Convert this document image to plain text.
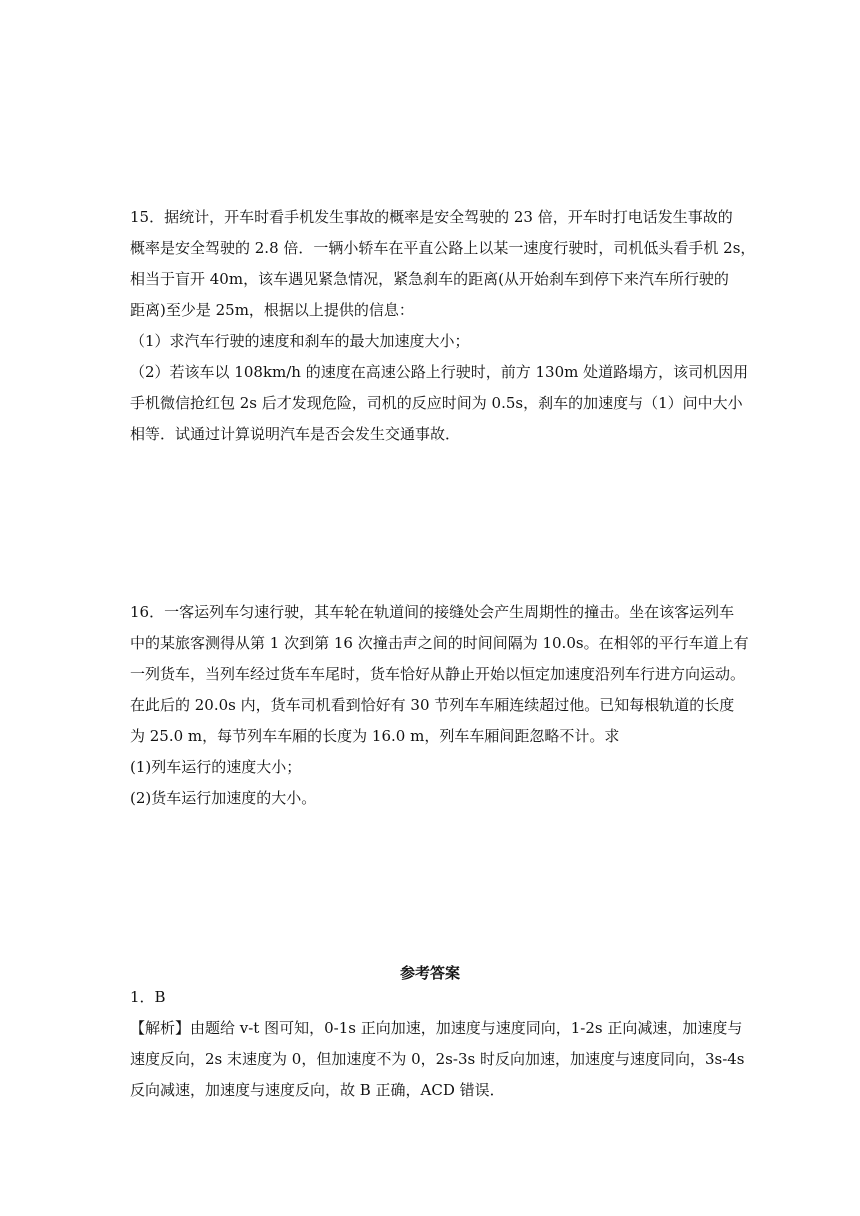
15．据统计，开车时看手机发生事故的概率是安全驾驶的 23 倍，开车时打电话发生事故的
概率是安全驾驶的 2.8 倍．一辆小轿车在平直公路上以某一速度行驶时，司机低头看手机 2s，
相当于盲开 40m，该车遇见紧急情况，紧急刹车的距离(从开始刹车到停下来汽车所行驶的
距离)至少是 25m，根据以上提供的信息：
（1）求汽车行驶的速度和刹车的最大加速度大小；
（2）若该车以 108km/h 的速度在高速公路上行驶时，前方 130m 处道路塌方，该司机因用
手机微信抢红包 2s 后才发现危险，司机的反应时间为 0.5s，刹车的加速度与（1）问中大小
相等．试通过计算说明汽车是否会发生交通事故．
16．一客运列车匀速行驶，其车轮在轨道间的接缝处会产生周期性的撞击。坐在该客运列车
中的某旅客测得从第 1 次到第 16 次撞击声之间的时间间隔为 10.0s。在相邻的平行车道上有
一列货车，当列车经过货车车尾时，货车恰好从静止开始以恒定加速度沿列车行进方向运动。
在此后的 20.0s 内，货车司机看到恰好有 30 节列车车厢连续超过他。已知每根轨道的长度
为 25.0 m，每节列车车厢的长度为 16.0 m，列车车厢间距忽略不计。求
(1)列车运行的速度大小；
(2)货车运行加速度的大小。
参考答案
1．B
【解析】由题给 v-t 图可知，0-1s 正向加速，加速度与速度同向，1-2s 正向减速，加速度与
速度反向，2s 末速度为 0，但加速度不为 0，2s-3s 时反向加速，加速度与速度同向，3s-4s
反向减速，加速度与速度反向，故 B 正确，ACD 错误．
